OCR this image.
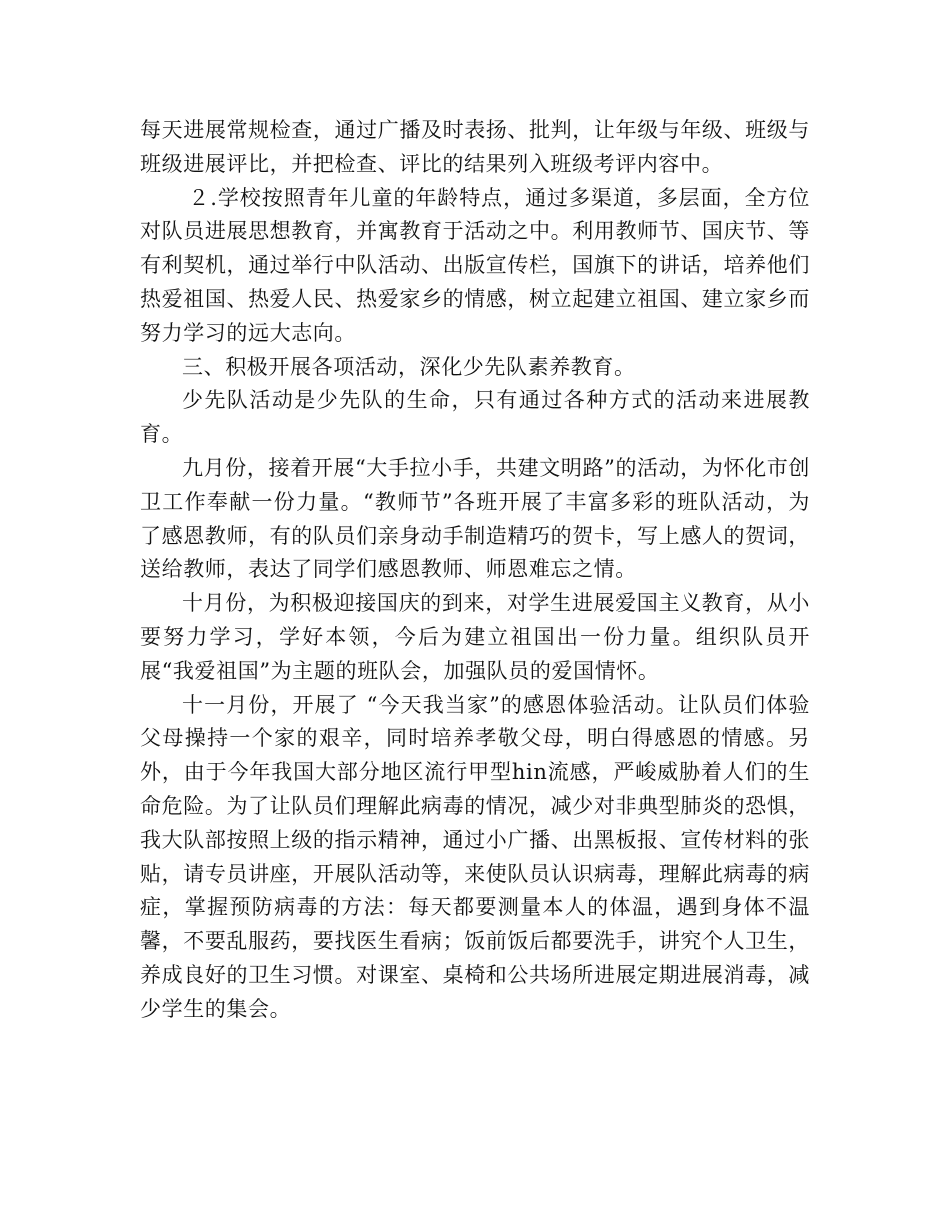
每天进展常规检查，通过广播及时表扬、批判，让年级与年级、班级与班级进展评比，并把检查、评比的结果列入班级考评内容中。

２.学校按照青年儿童的年龄特点，通过多渠道，多层面，全方位对队员进展思想教育，并寓教育于活动之中。利用教师节、国庆节、等有利契机，通过举行中队活动、出版宣传栏，国旗下的讲话，培养他们热爱祖国、热爱人民、热爱家乡的情感，树立起建立祖国、建立家乡而努力学习的远大志向。

三、积极开展各项活动，深化少先队素养教育。

少先队活动是少先队的生命，只有通过各种方式的活动来进展教育。

九月份，接着开展“大手拉小手，共建文明路”的活动，为怀化市创卫工作奉献一份力量。“教师节”各班开展了丰富多彩的班队活动，为了感恩教师，有的队员们亲身动手制造精巧的贺卡，写上感人的贺词，送给教师，表达了同学们感恩教师、师恩难忘之情。

十月份，为积极迎接国庆的到来，对学生进展爱国主义教育，从小要努力学习，学好本领，今后为建立祖国出一份力量。组织队员开展“我爱祖国”为主题的班队会，加强队员的爱国情怀。

十一月份，开展了 “今天我当家”的感恩体验活动。让队员们体验父母操持一个家的艰辛，同时培养孝敬父母，明白得感恩的情感。另外，由于今年我国大部分地区流行甲型hin流感，严峻威胁着人们的生命危险。为了让队员们理解此病毒的情况，减少对非典型肺炎的恐惧，我大队部按照上级的指示精神，通过小广播、出黑板报、宣传材料的张贴，请专员讲座，开展队活动等，来使队员认识病毒，理解此病毒的病症，掌握预防病毒的方法：每天都要测量本人的体温，遇到身体不温馨，不要乱服药，要找医生看病；饭前饭后都要洗手，讲究个人卫生，养成良好的卫生习惯。对课室、桌椅和公共场所进展定期进展消毒，减少学生的集会。
